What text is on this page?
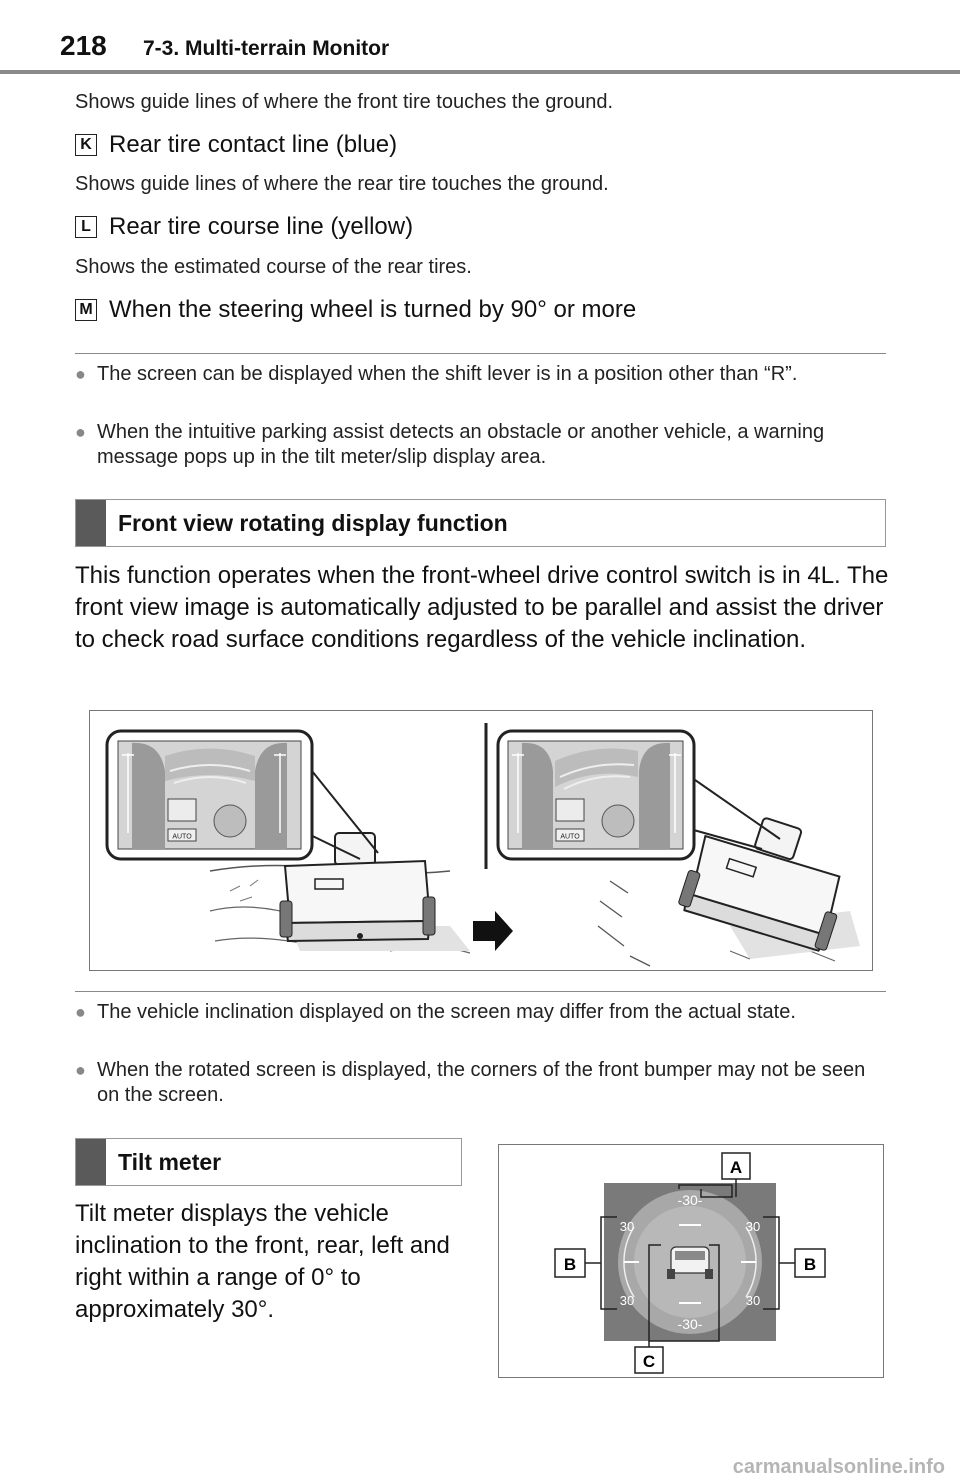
218 7-3. Multi-terrain Monitor
Shows guide lines of where the front tire touches the ground.
K Rear tire contact line (blue)
Shows guide lines of where the rear tire touches the ground.
L Rear tire course line (yellow)
Shows the estimated course of the rear tires.
M When the steering wheel is turned by 90° or more
● The screen can be displayed when the shift lever is in a position other than “R”.
● When the intuitive parking assist detects an obstacle or another vehicle, a warning message pops up in the tilt meter/slip display area.
Front view rotating display function
This function operates when the front-wheel drive control switch is in 4L. The front view image is automatically adjusted to be parallel and assist the driver to check road surface conditions regardless of the vehicle inclination.
AUTO	AUTO
● The vehicle inclination displayed on the screen may differ from the actual state.
● When the rotated screen is displayed, the corners of the front bumper may not be seen on the screen.
Tilt meter
Tilt meter displays the vehicle inclination to the front, rear, left and right within a range of 0° to approximately 30°.
-30-
-30-
30	30
30	30
A
B	B
C
carmanualsonline.info
